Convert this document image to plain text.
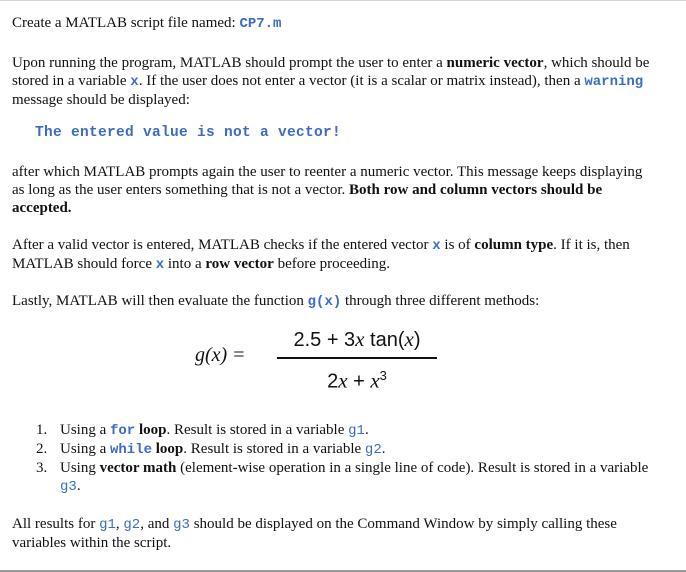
Create a MATLAB script file named: CP7.m

Upon running the program, MATLAB should prompt the user to enter a numeric vector, which should be stored in a variable x. If the user does not enter a vector (it is a scalar or matrix instead), then a warning message should be displayed:

The entered value is not a vector!

after which MATLAB prompts again the user to reenter a numeric vector. This message keeps displaying as long as the user enters something that is not a vector. Both row and column vectors should be accepted.

After a valid vector is entered, MATLAB checks if the entered vector x is of column type. If it is, then MATLAB should force x into a row vector before proceeding.

Lastly, MATLAB will then evaluate the function g(x) through three different methods:

g(x) =
2.5 + 3x tan(x)
$2x + x^3$
1. Using a for loop. Result is stored in a variable g1.
2. Using a while loop. Result is stored in a variable g2.
3. Using vector math (element-wise operation in a single line of code). Result is stored in a variable g3.

All results for g1, g2, and g3 should be displayed on the Command Window by simply calling these variables within the script.
